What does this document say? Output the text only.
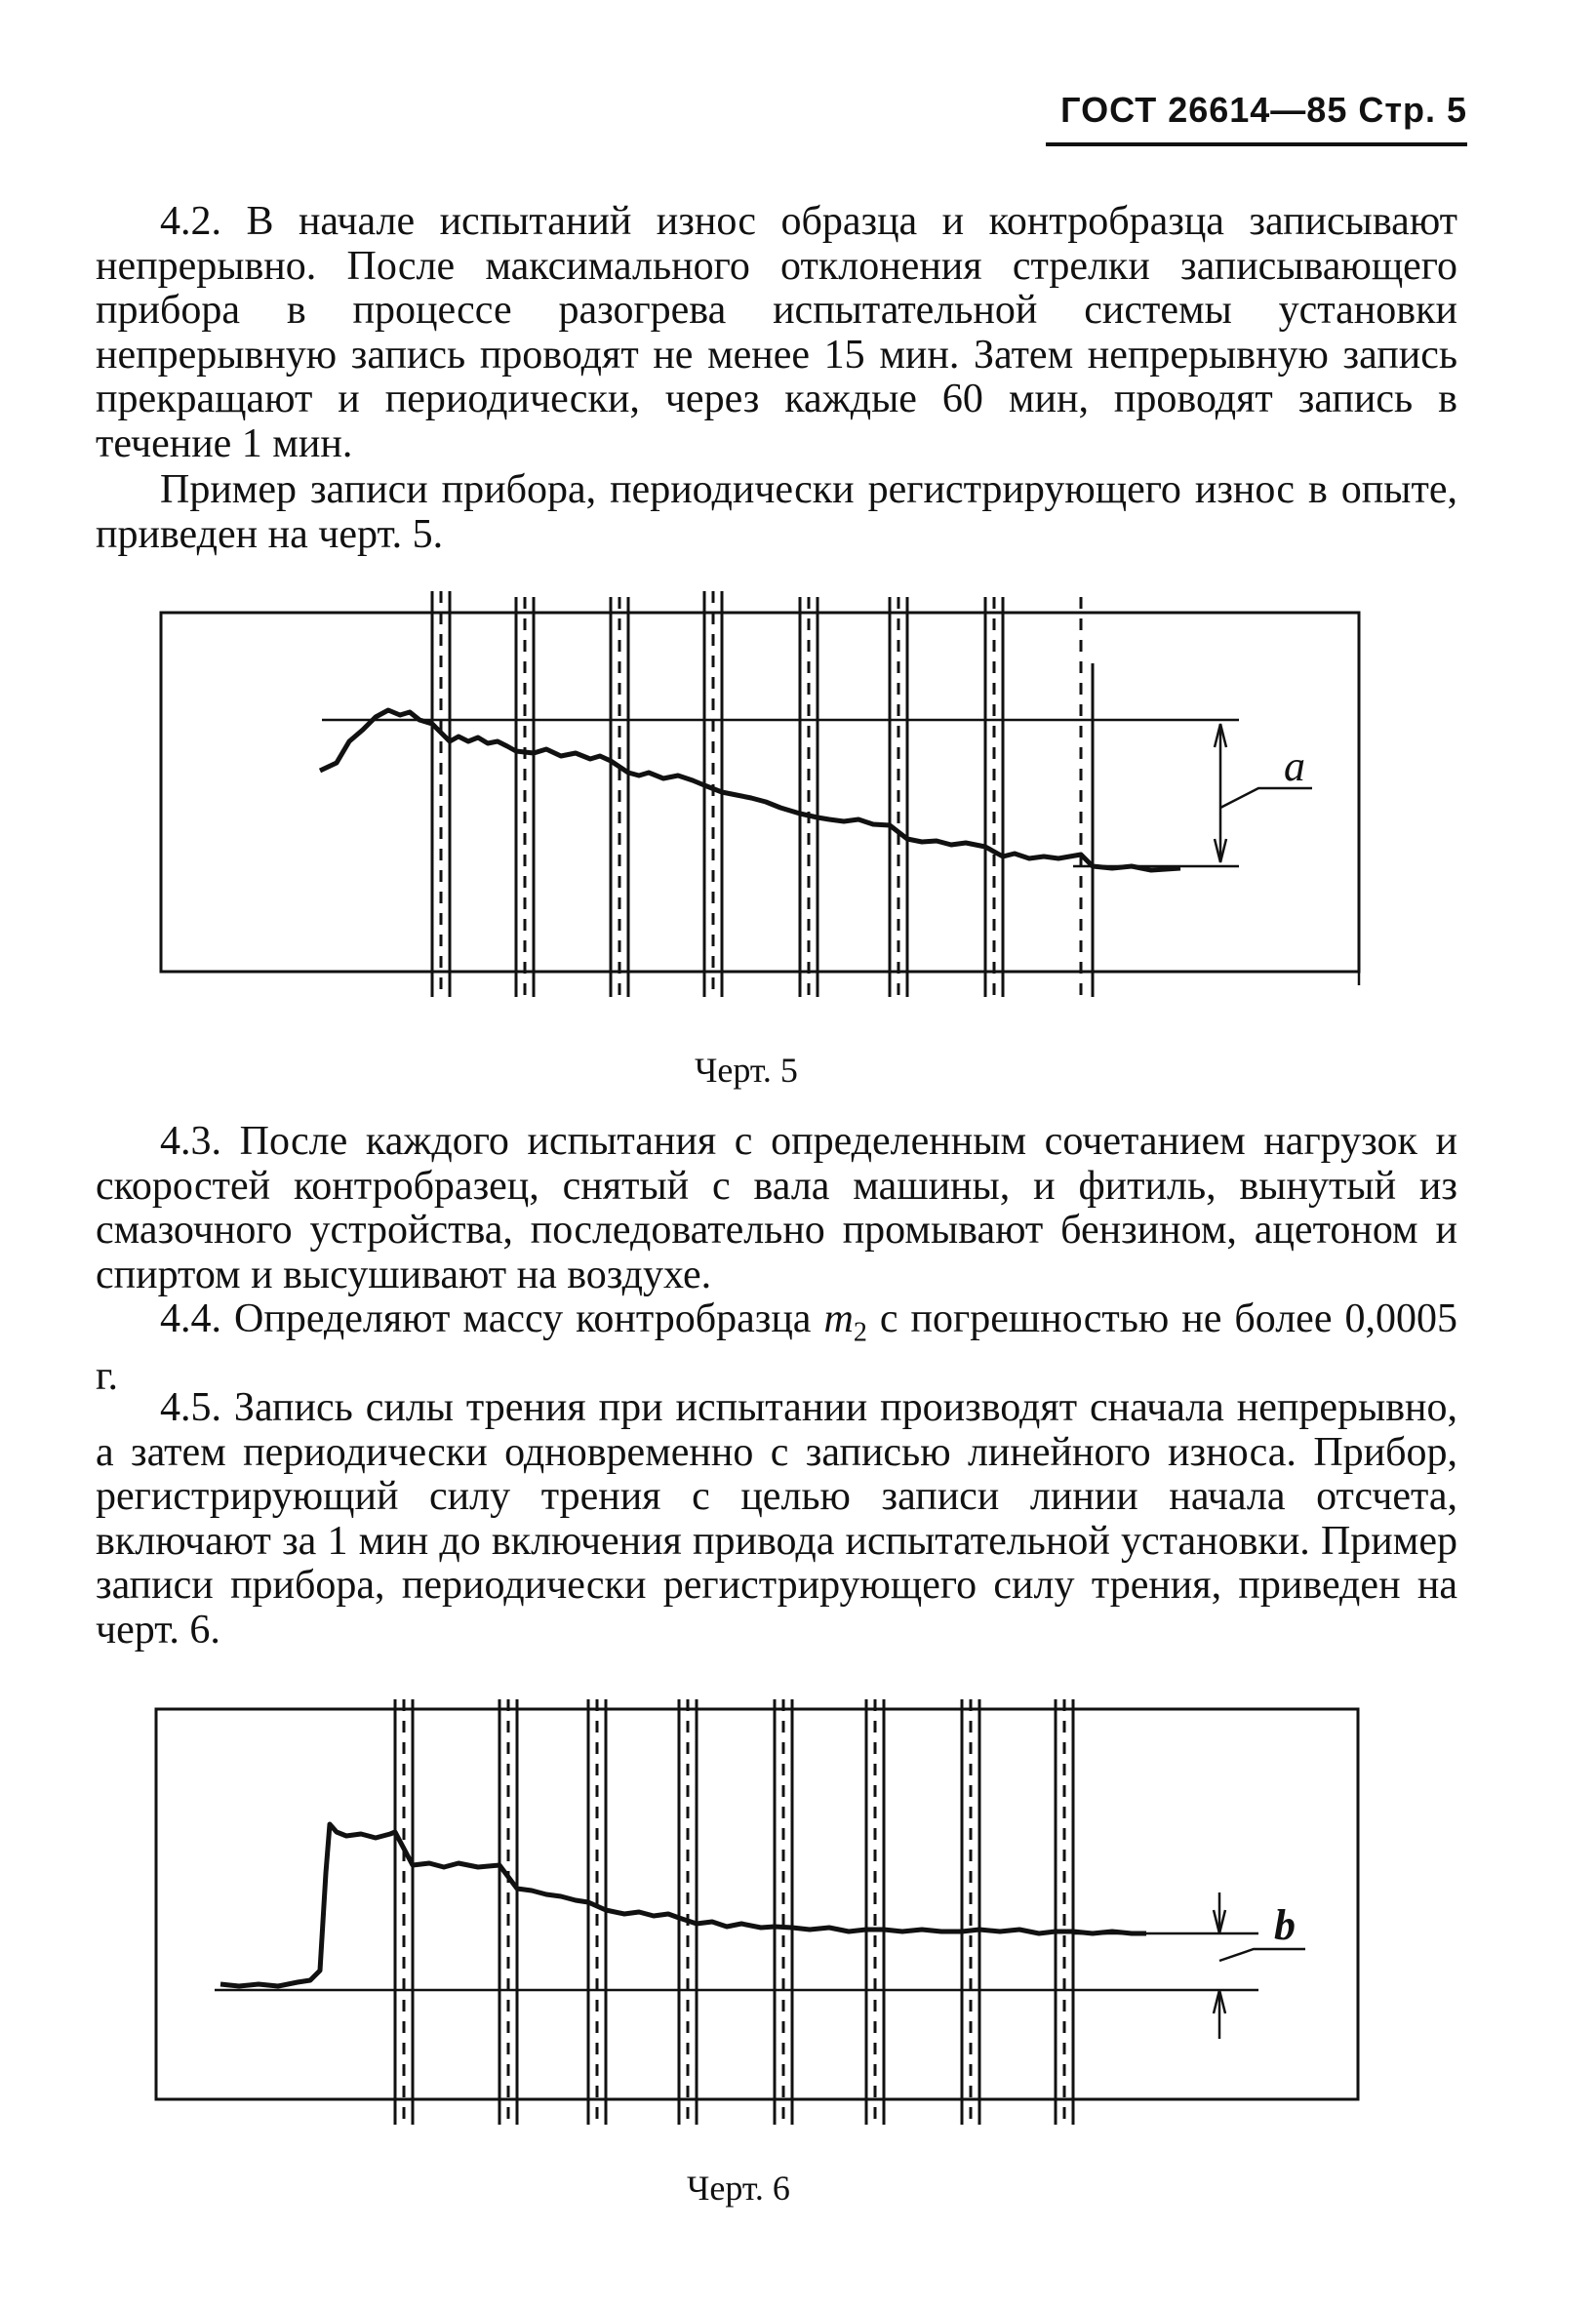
ГОСТ 26614—85 Стр. 5

4.2. В начале испытаний износ образца и контробразца записывают непрерывно. После максимального отклонения стрелки записывающего прибора в процессе разогрева испытательной системы установки непрерывную запись проводят не менее 15 мин. Затем непрерывную запись прекращают и периодически, через каждые 60 мин, проводят запись в течение 1 мин.

Пример записи прибора, периодически регистрирующего износ в опыте, приведен на черт. 5.

a
b
Черт. 5

4.3. После каждого испытания с определенным сочетанием нагрузок и скоростей контробразец, снятый с вала машины, и фитиль, вынутый из смазочного устройства, последовательно промывают бензином, ацетоном и спиртом и высушивают на воздухе.

4.4. Определяют массу контробразца $m_2$ с погрешностью не более 0,0005 г.

4.5. Запись силы трения при испытании производят сначала непрерывно, а затем периодически одновременно с записью линейного износа. Прибор, регистрирующий силу трения с целью записи линии начала отсчета, включают за 1 мин до включения привода испытательной установки. Пример записи прибора, периодически регистрирующего силу трения, приведен на черт. 6.

Черт. 6
